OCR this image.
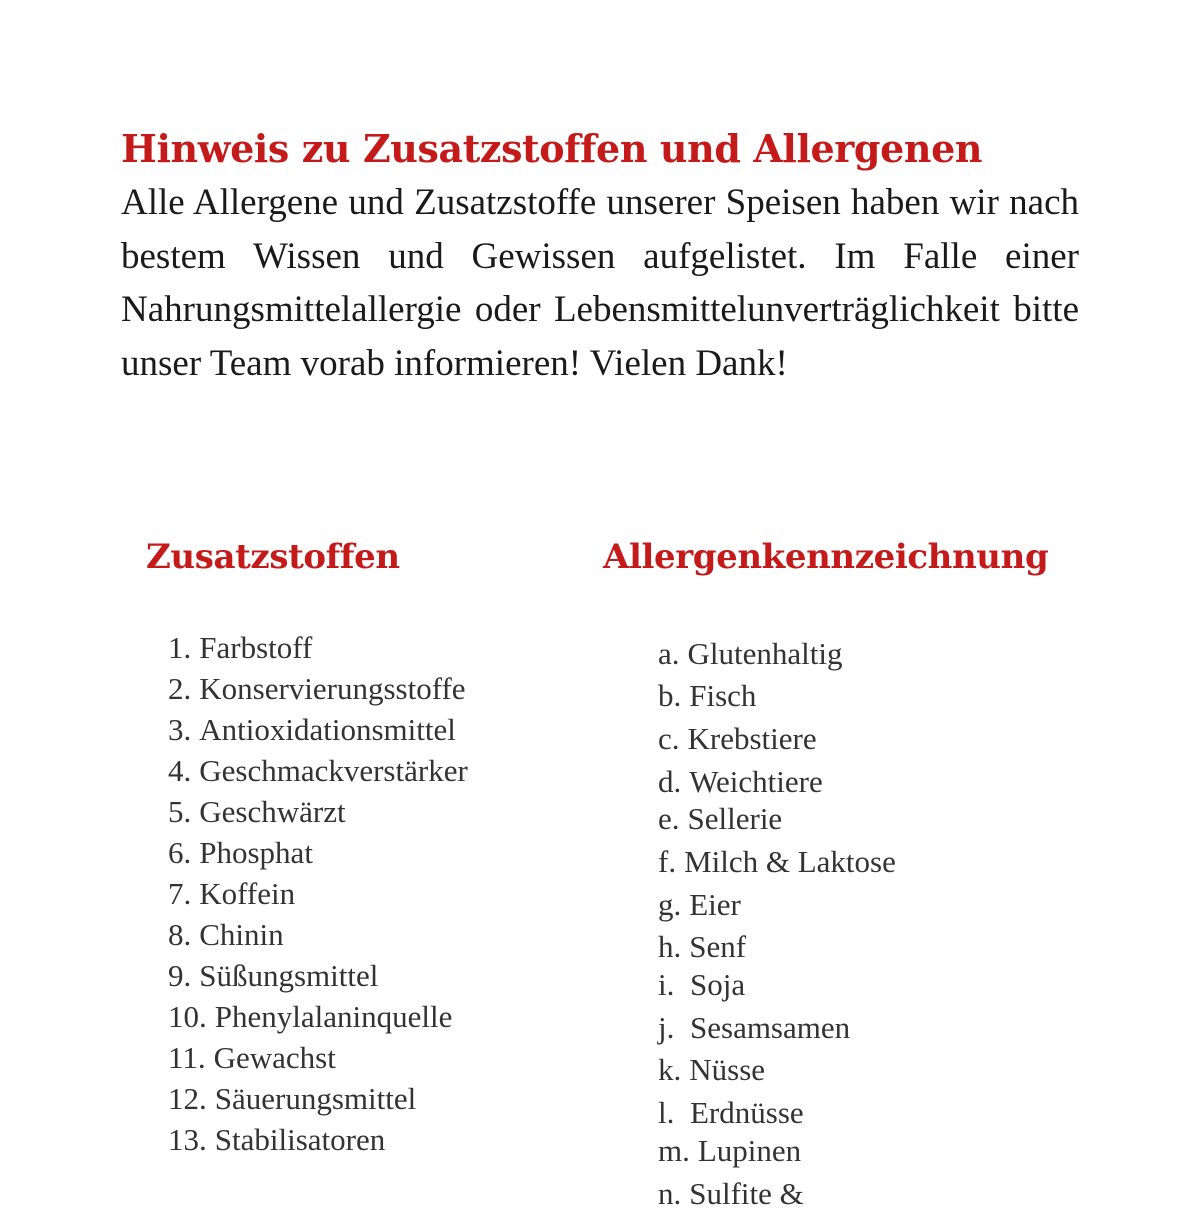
Hinweis zu Zusatzstoffen und Allergenen

Alle Allergene und Zusatzstoffe unserer Speisen haben wir nach bestem Wissen und Gewissen aufgelistet. Im Falle einer Nahrungsmittelallergie oder Lebensmittelunverträglichkeit bitte unser Team vorab informieren! Vielen Dank!

Zusatzstoffen	Allergenkennzeichnung
1. Farbstoff
2. Konservierungsstoffe
3. Antioxidationsmittel
4. Geschmackverstärker
5. Geschwärzt
6. Phosphat
7. Koffein
8. Chinin
9. Süßungsmittel
10. Phenylalaninquelle
11. Gewachst
12. Säuerungsmittel
13. Stabilisatoren
a. Glutenhaltig
b. Fisch
c. Krebstiere
d. Weichtiere
e. Sellerie
f. Milch & Laktose
g. Eier
h. Senf
i. Soja
j. Sesamsamen
k. Nüsse
l. Erdnüsse
m. Lupinen
n. Sulfite &
